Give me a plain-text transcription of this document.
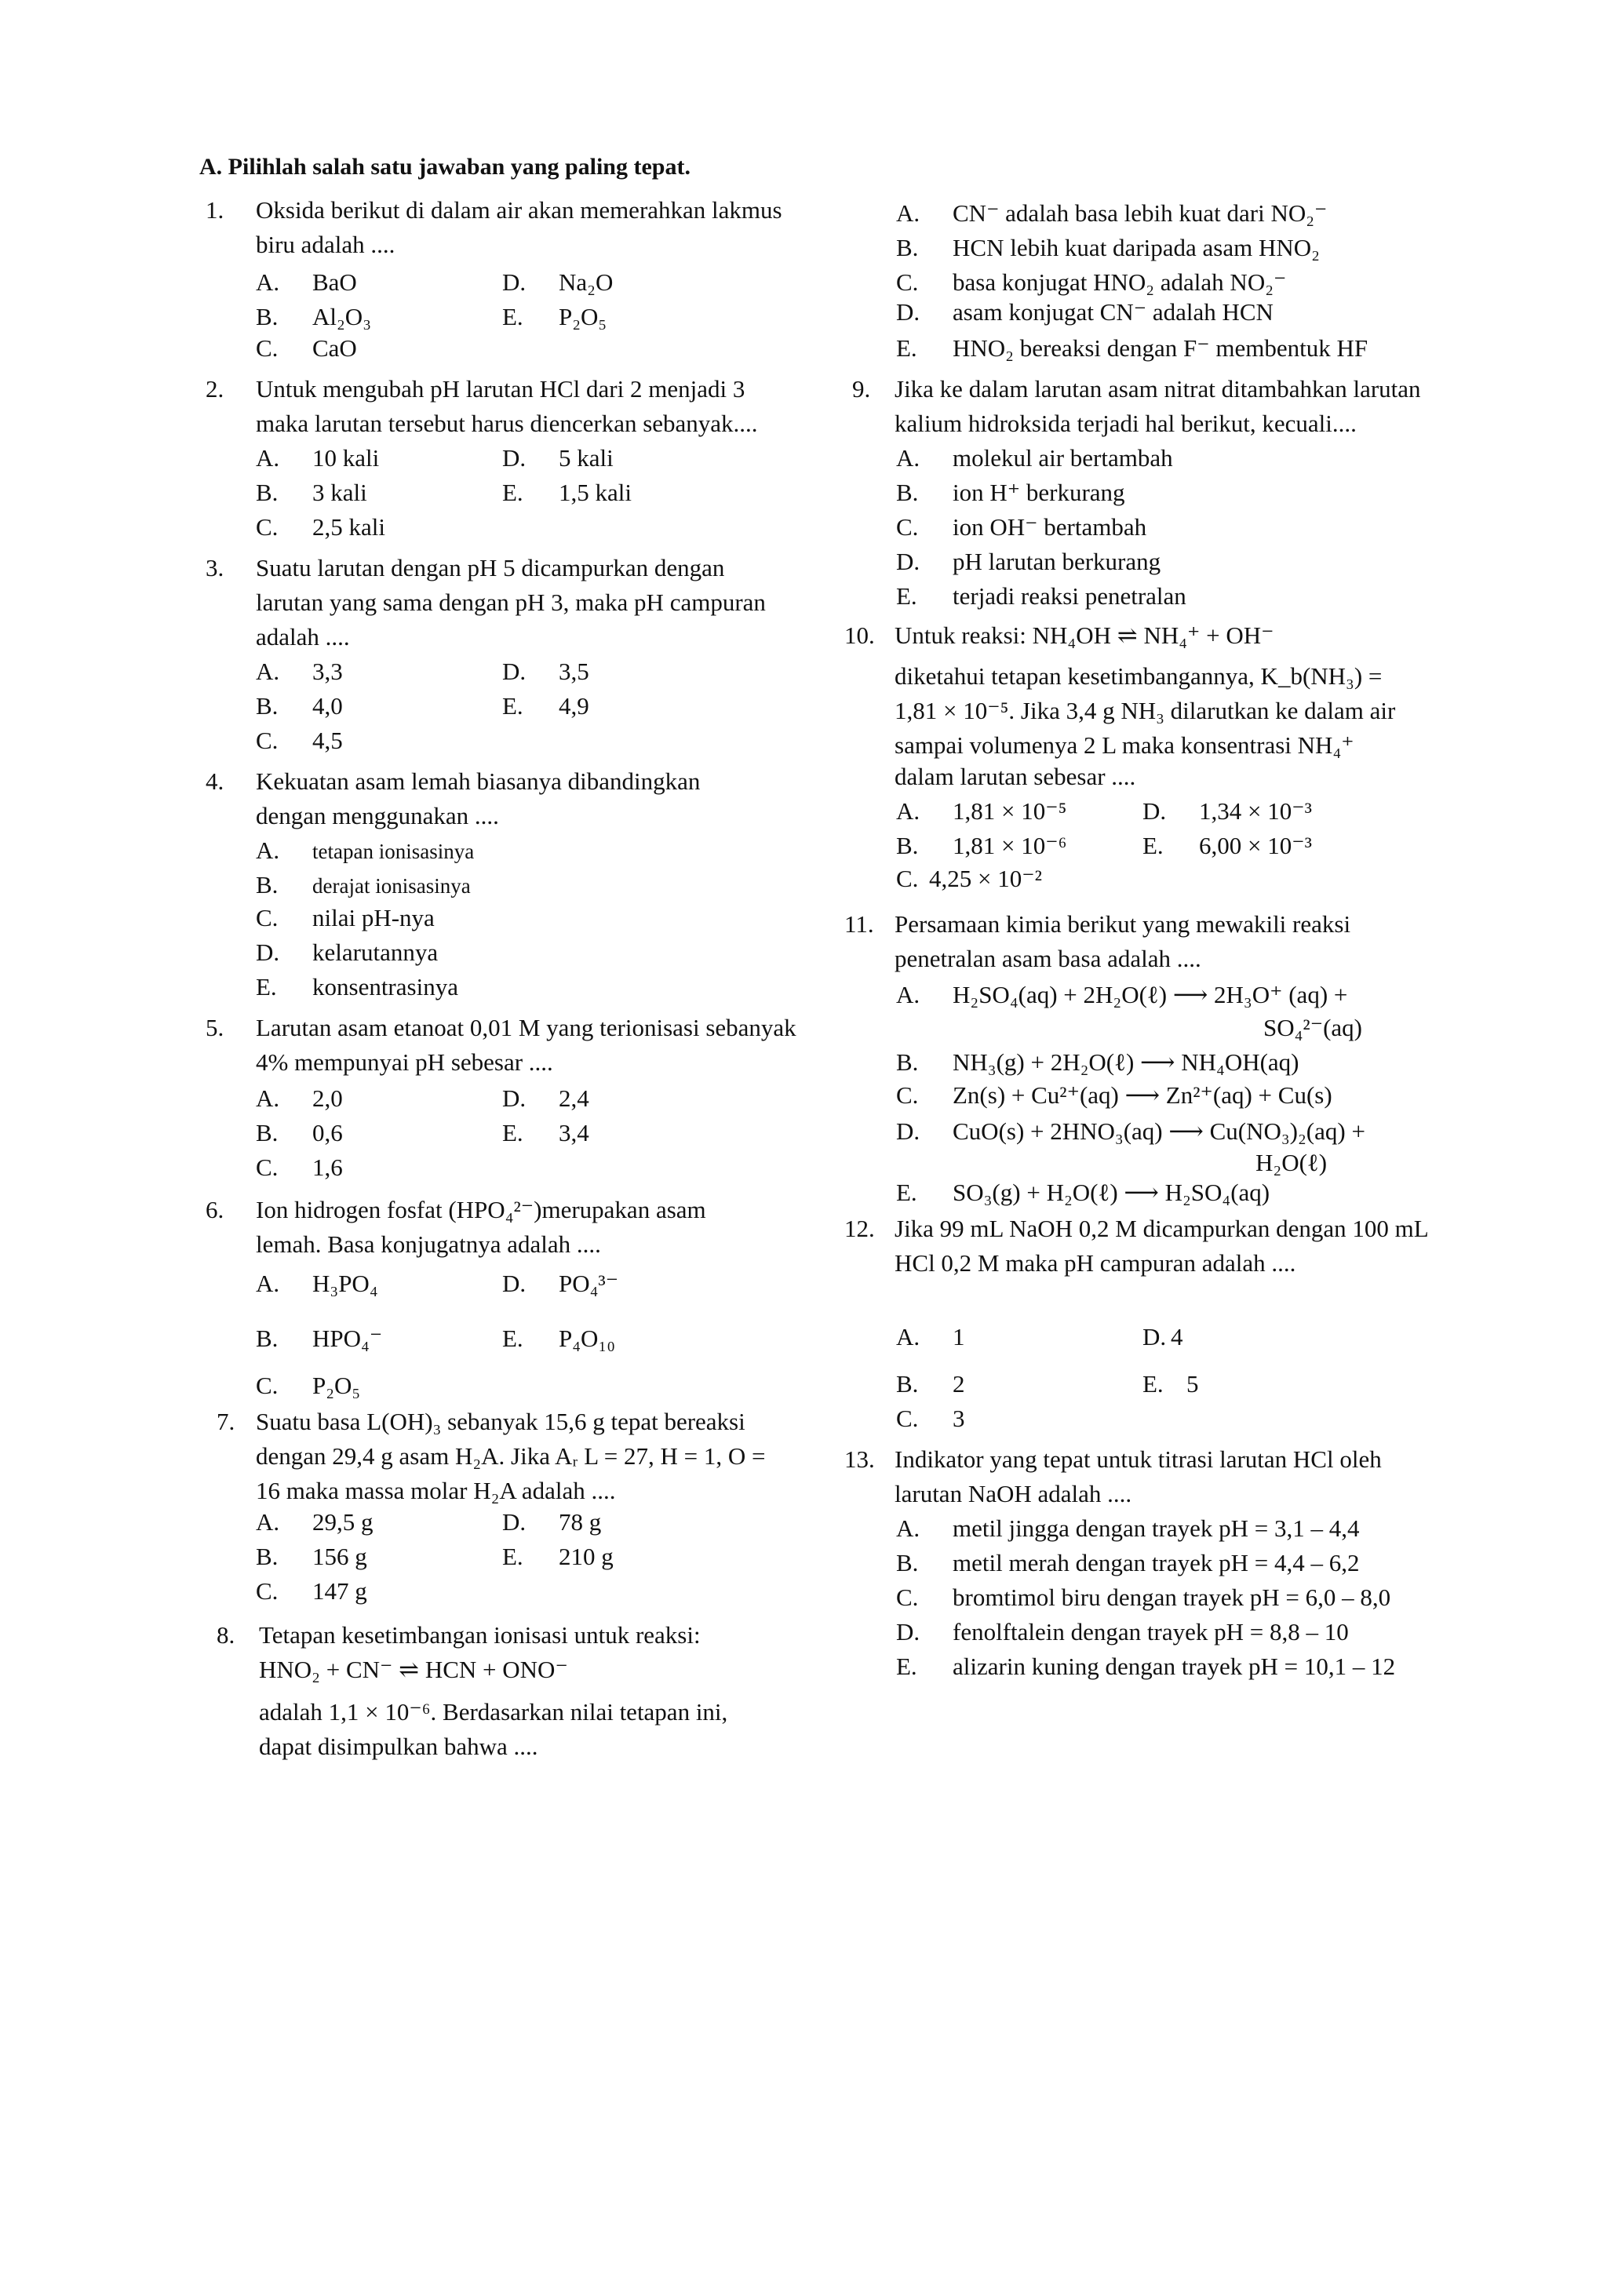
A. Pilihlah salah satu jawaban yang paling tepat.
1. Oksida berikut di dalam air akan memerahkan lakmus
biru adalah ....
A. BaO
B. Al₂O₃
C. CaO
D. Na₂O
E. P₂O₅
2. Untuk mengubah pH larutan HCl dari 2 menjadi 3
maka larutan tersebut harus diencerkan sebanyak....
A. 10 kali
B. 3 kali
C. 2,5 kali
D. 5 kali
E. 1,5 kali
3. Suatu larutan dengan pH 5 dicampurkan dengan
larutan yang sama dengan pH 3, maka pH campuran
adalah ....
A. 3,3
B. 4,0
C. 4,5
D. 3,5
E. 4,9
4. Kekuatan asam lemah biasanya dibandingkan
dengan menggunakan ....
A. tetapan ionisasinya
B. derajat ionisasinya
C. nilai pH-nya
D. kelarutannya
E. konsentrasinya
5. Larutan asam etanoat 0,01 M yang terionisasi sebanyak
4% mempunyai pH sebesar ....
A. 2,0
B. 0,6
C. 1,6
D. 2,4
E. 3,4
6. Ion hidrogen fosfat (HPO₄²⁻)merupakan asam
lemah. Basa konjugatnya adalah ....
A. H₃PO₄
B. HPO₄⁻
C. P₂O₅
D. PO₄³⁻
E. P₄O₁₀
7. Suatu basa L(OH)₃ sebanyak 15,6 g tepat bereaksi
dengan 29,4 g asam H₂A. Jika Aᵣ L = 27, H = 1, O =
16 maka massa molar H₂A adalah ....
A. 29,5 g
B. 156 g
C. 147 g
D. 78 g
E. 210 g
8. Tetapan kesetimbangan ionisasi untuk reaksi:
HNO₂ + CN⁻ ⇌ HCN + ONO⁻
adalah 1,1 × 10⁻⁶. Berdasarkan nilai tetapan ini,
dapat disimpulkan bahwa ....
A. CN⁻ adalah basa lebih kuat dari NO₂⁻
B. HCN lebih kuat daripada asam HNO₂
C. basa konjugat HNO₂ adalah NO₂⁻
D. asam konjugat CN⁻ adalah HCN
E. HNO₂ bereaksi dengan F⁻ membentuk HF
9. Jika ke dalam larutan asam nitrat ditambahkan larutan
kalium hidroksida terjadi hal berikut, kecuali....
A. molekul air bertambah
B. ion H⁺ berkurang
C. ion OH⁻ bertambah
D. pH larutan berkurang
E. terjadi reaksi penetralan
10. Untuk reaksi: NH₄OH ⇌ NH₄⁺ + OH⁻
diketahui tetapan kesetimbangannya, K_b(NH₃) =
1,81 × 10⁻⁵. Jika 3,4 g NH₃ dilarutkan ke dalam air
sampai volumenya 2 L maka konsentrasi NH₄⁺
dalam larutan sebesar ....
A. 1,81 × 10⁻⁵
B. 1,81 × 10⁻⁶
C. 4,25 × 10⁻²
D. 1,34 × 10⁻³
E. 6,00 × 10⁻³
11. Persamaan kimia berikut yang mewakili reaksi
penetralan asam basa adalah ....
A. H₂SO₄(aq) + 2H₂O(ℓ) ⟶ 2H₃O⁺ (aq) +
SO₄²⁻(aq)
B. NH₃(g) + 2H₂O(ℓ) ⟶ NH₄OH(aq)
C. Zn(s) + Cu²⁺(aq) ⟶ Zn²⁺(aq) + Cu(s)
D. CuO(s) + 2HNO₃(aq) ⟶ Cu(NO₃)₂(aq) +
H₂O(ℓ)
E. SO₃(g) + H₂O(ℓ) ⟶ H₂SO₄(aq)
12. Jika 99 mL NaOH 0,2 M dicampurkan dengan 100 mL
HCl 0,2 M maka pH campuran adalah ....
A. 1
B. 2
C. 3
D. 4
E. 5
13. Indikator yang tepat untuk titrasi larutan HCl oleh
larutan NaOH adalah ....
A. metil jingga dengan trayek pH = 3,1 – 4,4
B. metil merah dengan trayek pH = 4,4 – 6,2
C. bromtimol biru dengan trayek pH = 6,0 – 8,0
D. fenolftalein dengan trayek pH = 8,8 – 10
E. alizarin kuning dengan trayek pH = 10,1 – 12
